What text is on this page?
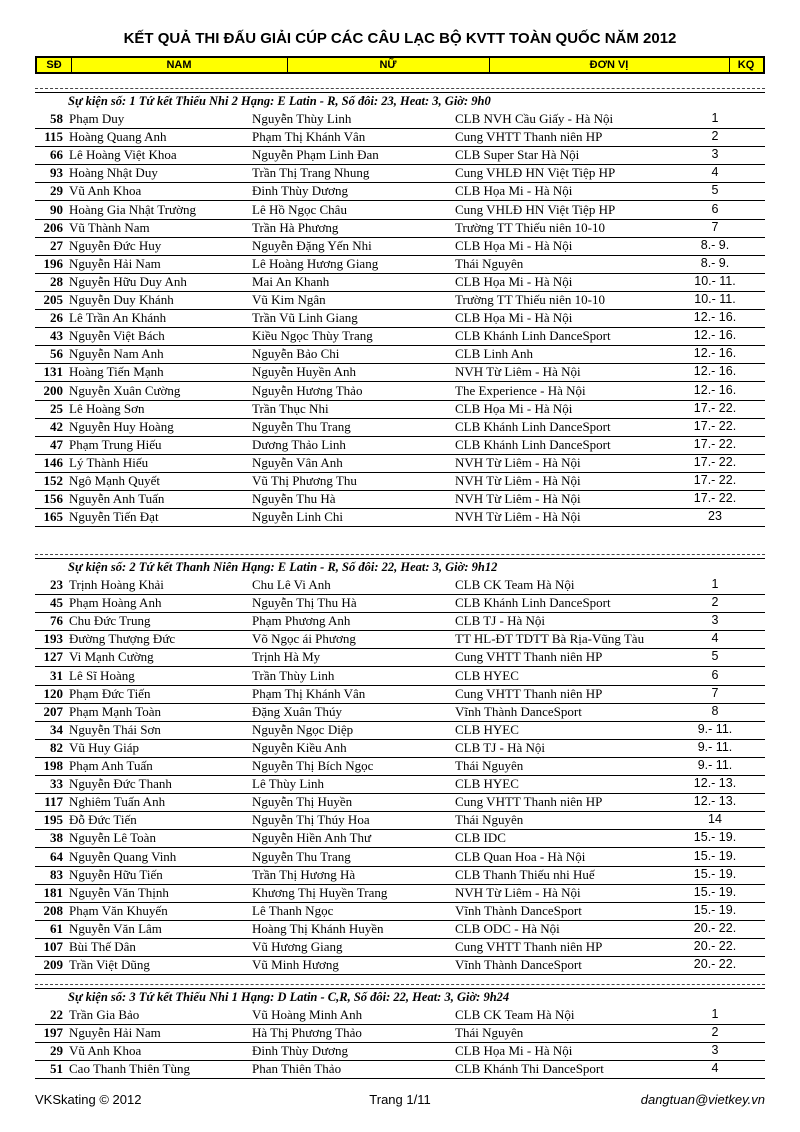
KẾT QUẢ THI ĐẤU GIẢI CÚP CÁC CÂU LẠC BỘ KVTT TOÀN QUỐC NĂM 2012
SĐ	NAM	NỮ	ĐƠN VỊ	KQ
Sự kiện số: 1 Tứ kết Thiếu Nhi 2 Hạng: E Latin - R, Số đôi: 23, Heat: 3, Giờ: 9h0
58 Phạm Duy	Nguyễn Thùy Linh	CLB NVH Cầu Giấy - Hà Nội	1
115 Hoàng Quang Anh	Phạm Thị Khánh Vân	Cung VHTT Thanh niên HP	2
66 Lê Hoàng Việt Khoa	Nguyễn Phạm Linh Đan	CLB Super Star Hà Nội	3
93 Hoàng Nhật Duy	Trần Thị Trang Nhung	Cung VHLĐ HN Việt Tiệp HP	4
29 Vũ Anh Khoa	Đinh Thùy Dương	CLB Họa Mi - Hà Nội	5
90 Hoàng Gia Nhật Trường	Lê Hồ Ngọc Châu	Cung VHLĐ HN Việt Tiệp HP	6
206 Vũ Thành Nam	Trần Hà Phương	Trường TT Thiếu niên 10-10	7
27 Nguyễn Đức Huy	Nguyễn Đặng Yến Nhi	CLB Họa Mi - Hà Nội	8.- 9.
196 Nguyễn Hải Nam	Lê Hoàng Hương Giang	Thái Nguyên	8.- 9.
28 Nguyễn Hữu Duy Anh	Mai An Khanh	CLB Họa Mi - Hà Nội	10.- 11.
205 Nguyễn Duy Khánh	Vũ Kim Ngân	Trường TT Thiếu niên 10-10	10.- 11.
26 Lê Trần An Khánh	Trần Vũ Linh Giang	CLB Họa Mi - Hà Nội	12.- 16.
43 Nguyễn Việt Bách	Kiều Ngọc Thùy Trang	CLB Khánh Linh DanceSport	12.- 16.
56 Nguyễn Nam Anh	Nguyễn Bảo Chi	CLB Linh Anh	12.- 16.
131 Hoàng Tiến Mạnh	Nguyễn Huyền Anh	NVH Từ Liêm - Hà Nội	12.- 16.
200 Nguyễn Xuân Cường	Nguyễn Hương Thảo	The Experience - Hà Nội	12.- 16.
25 Lê Hoàng Sơn	Trần Thục Nhi	CLB Họa Mi - Hà Nội	17.- 22.
42 Nguyễn Huy Hoàng	Nguyễn Thu Trang	CLB Khánh Linh DanceSport	17.- 22.
47 Phạm Trung Hiếu	Dương Thảo Linh	CLB Khánh Linh DanceSport	17.- 22.
146 Lý Thành Hiếu	Nguyễn Vân Anh	NVH Từ Liêm - Hà Nội	17.- 22.
152 Ngô Mạnh Quyết	Vũ Thị Phương Thu	NVH Từ Liêm - Hà Nội	17.- 22.
156 Nguyễn Anh Tuấn	Nguyễn Thu Hà	NVH Từ Liêm - Hà Nội	17.- 22.
165 Nguyễn Tiến Đạt	Nguyễn Linh Chi	NVH Từ Liêm - Hà Nội	23
Sự kiện số: 2 Tứ kết Thanh Niên Hạng: E Latin - R, Số đôi: 22, Heat: 3, Giờ: 9h12
23 Trịnh Hoàng Khải	Chu Lê Vi Anh	CLB CK Team Hà Nội	1
45 Phạm Hoàng Anh	Nguyễn Thị Thu Hà	CLB Khánh Linh DanceSport	2
76 Chu Đức Trung	Phạm Phương Anh	CLB TJ - Hà Nội	3
193 Đường Thượng Đức	Võ Ngọc ái Phương	TT HL-ĐT TDTT Bà Rịa-Vũng Tàu	4
127 Vi Mạnh Cường	Trịnh Hà My	Cung VHTT Thanh niên HP	5
31 Lê Sĩ Hoàng	Trần Thùy Linh	CLB HYEC	6
120 Phạm Đức Tiến	Phạm Thị Khánh Vân	Cung VHTT Thanh niên HP	7
207 Phạm Mạnh Toàn	Đặng Xuân Thúy	Vĩnh Thành DanceSport	8
34 Nguyễn Thái Sơn	Nguyễn Ngọc Diệp	CLB HYEC	9.- 11.
82 Vũ Huy Giáp	Nguyễn Kiều Anh	CLB TJ - Hà Nội	9.- 11.
198 Phạm Anh Tuấn	Nguyễn Thị Bích Ngọc	Thái Nguyên	9.- 11.
33 Nguyễn Đức Thanh	Lê Thùy Linh	CLB HYEC	12.- 13.
117 Nghiêm Tuấn Anh	Nguyễn Thị Huyền	Cung VHTT Thanh niên HP	12.- 13.
195 Đỗ Đức Tiến	Nguyễn Thị Thúy Hoa	Thái Nguyên	14
38 Nguyễn Lê Toàn	Nguyễn Hiền Anh Thư	CLB IDC	15.- 19.
64 Nguyễn Quang Vinh	Nguyễn Thu Trang	CLB Quan Hoa - Hà Nội	15.- 19.
83 Nguyễn Hữu Tiến	Trần Thị Hương Hà	CLB Thanh Thiếu nhi Huế	15.- 19.
181 Nguyễn Văn Thịnh	Khương Thị Huyền Trang	NVH Từ Liêm - Hà Nội	15.- 19.
208 Phạm Văn Khuyến	Lê Thanh Ngọc	Vĩnh Thành DanceSport	15.- 19.
61 Nguyễn Văn Lâm	Hoàng Thị Khánh Huyền	CLB ODC - Hà Nội	20.- 22.
107 Bùi Thế Dân	Vũ Hương Giang	Cung VHTT Thanh niên HP	20.- 22.
209 Trần Việt Dũng	Vũ Minh Hương	Vĩnh Thành DanceSport	20.- 22.
Sự kiện số: 3 Tứ kết Thiếu Nhi 1 Hạng: D Latin - C,R, Số đôi: 22, Heat: 3, Giờ: 9h24
22 Trần Gia Bảo	Vũ Hoàng Minh Anh	CLB CK Team Hà Nội	1
197 Nguyễn Hải Nam	Hà Thị Phương Thảo	Thái Nguyên	2
29 Vũ Anh Khoa	Đinh Thùy Dương	CLB Họa Mi - Hà Nội	3
51 Cao Thanh Thiên Tùng	Phan Thiên Thảo	CLB Khánh Thi DanceSport	4
VKSkating © 2012	Trang 1/11	dangtuan@vietkey.vn
